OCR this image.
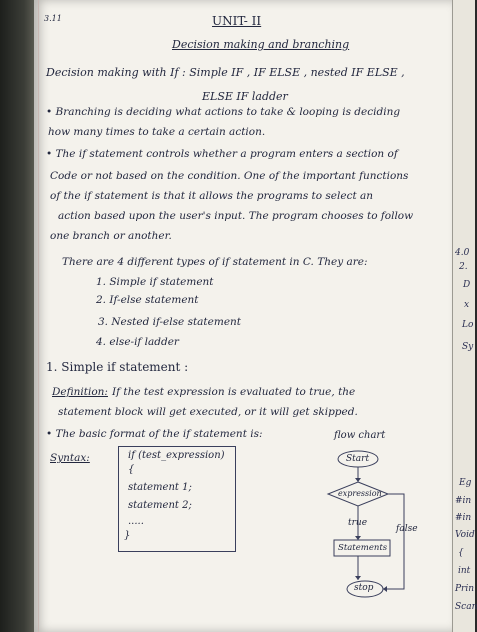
4.0
2.
D
x
Lo
Sy
Eg
#in
#in
Void
{
int
Prin
Scan
3.11	UNIT- II
Decision making and branching
Decision making with If : Simple IF , IF ELSE , nested IF ELSE ,
ELSE IF ladder
• Branching is deciding what actions to take & looping is deciding
how many times to take a certain action.
• The if statement controls whether a program enters a section of
Code or not based on the condition. One of the important functions
of the if statement is that it allows the programs to select an
action based upon the user's input. The program chooses to follow
one branch or another.
There are 4 different types of if statement in C. They are:
1. Simple if statement
2. If-else statement
3. Nested if-else statement
4. else-if ladder
1. Simple if statement :
Definition: If the test expression is evaluated to true, the
statement block will get executed, or it will get skipped.
• The basic format of the if statement is:	flow chart
Syntax:	if (test_expression)
{
statement 1;
statement 2;
.....
}
Start
expression
true
false
Statements
stop
